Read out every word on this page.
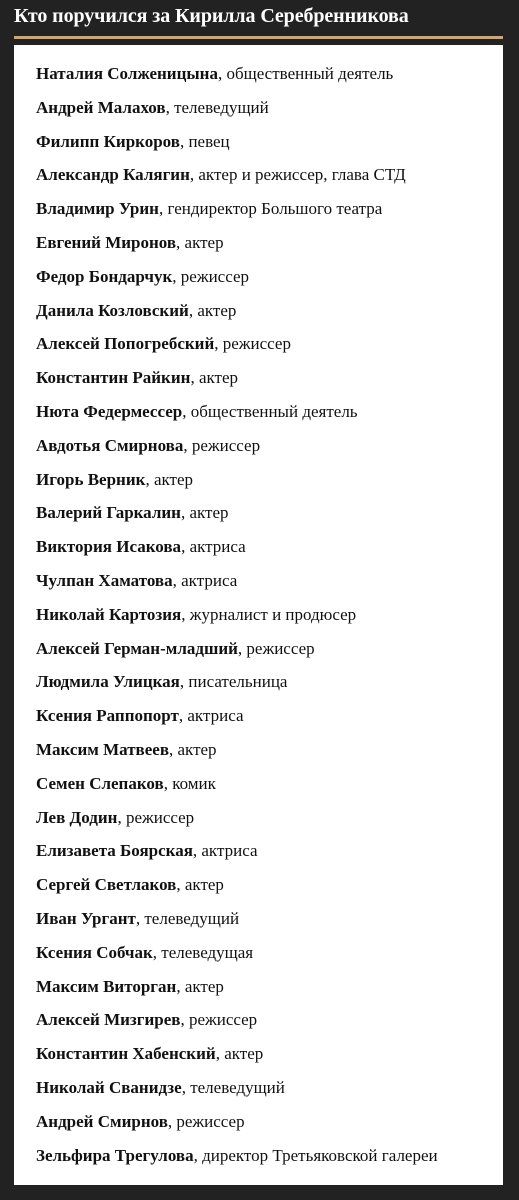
Кто поручился за Кирилла Серебренникова
Наталия Солженицына, общественный деятель
Андрей Малахов, телеведущий
Филипп Киркоров, певец
Александр Калягин, актер и режиссер, глава СТД
Владимир Урин, гендиректор Большого театра
Евгений Миронов, актер
Федор Бондарчук, режиссер
Данила Козловский, актер
Алексей Попогребский, режиссер
Константин Райкин, актер
Нюта Федермессер, общественный деятель
Авдотья Смирнова, режиссер
Игорь Верник, актер
Валерий Гаркалин, актер
Виктория Исакова, актриса
Чулпан Хаматова, актриса
Николай Картозия, журналист и продюсер
Алексей Герман-младший, режиссер
Людмила Улицкая, писательница
Ксения Раппопорт, актриса
Максим Матвеев, актер
Семен Слепаков, комик
Лев Додин, режиссер
Елизавета Боярская, актриса
Сергей Светлаков, актер
Иван Ургант, телеведущий
Ксения Собчак, телеведущая
Максим Виторган, актер
Алексей Мизгирев, режиссер
Константин Хабенский, актер
Николай Сванидзе, телеведущий
Андрей Смирнов, режиссер
Зельфира Трегулова, директор Третьяковской галереи
